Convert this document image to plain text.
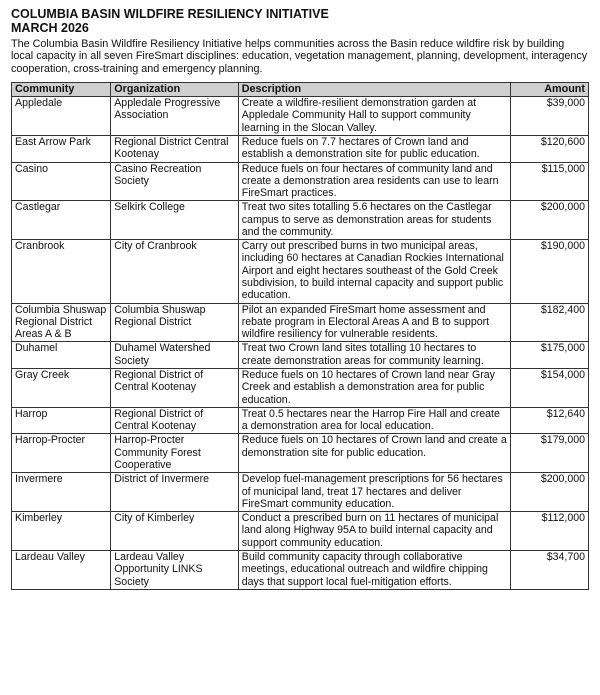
COLUMBIA BASIN WILDFIRE RESILIENCY INITIATIVE
MARCH 2026

The Columbia Basin Wildfire Resiliency Initiative helps communities across the Basin reduce wildfire risk by building local capacity in all seven FireSmart disciplines: education, vegetation management, planning, development, interagency cooperation, cross-training and emergency planning.

Community	Organization	Description	Amount
Appledale	Appledale Progressive Association	Create a wildfire-resilient demonstration garden at Appledale Community Hall to support community learning in the Slocan Valley.	$39,000
East Arrow Park	Regional District Central Kootenay	Reduce fuels on 7.7 hectares of Crown land and establish a demonstration site for public education.	$120,600
Casino	Casino Recreation Society	Reduce fuels on four hectares of community land and create a demonstration area residents can use to learn FireSmart practices.	$115,000
Castlegar	Selkirk College	Treat two sites totalling 5.6 hectares on the Castlegar campus to serve as demonstration areas for students and the community.	$200,000
Cranbrook	City of Cranbrook	Carry out prescribed burns in two municipal areas, including 60 hectares at Canadian Rockies International Airport and eight hectares southeast of the Gold Creek subdivision, to build internal capacity and support public education.	$190,000
Columbia Shuswap Regional District Areas A & B	Columbia Shuswap Regional District	Pilot an expanded FireSmart home assessment and rebate program in Electoral Areas A and B to support wildfire resiliency for vulnerable residents.	$182,400
Duhamel	Duhamel Watershed Society	Treat two Crown land sites totalling 10 hectares to create demonstration areas for community learning.	$175,000
Gray Creek	Regional District of Central Kootenay	Reduce fuels on 10 hectares of Crown land near Gray Creek and establish a demonstration area for public education.	$154,000
Harrop	Regional District of Central Kootenay	Treat 0.5 hectares near the Harrop Fire Hall and create a demonstration area for local education.	$12,640
Harrop-Procter	Harrop-Procter Community Forest Cooperative	Reduce fuels on 10 hectares of Crown land and create a demonstration site for public education.	$179,000
Invermere	District of Invermere	Develop fuel-management prescriptions for 56 hectares of municipal land, treat 17 hectares and deliver FireSmart community education.	$200,000
Kimberley	City of Kimberley	Conduct a prescribed burn on 11 hectares of municipal land along Highway 95A to build internal capacity and support community education.	$112,000
Lardeau Valley	Lardeau Valley Opportunity LINKS Society	Build community capacity through collaborative meetings, educational outreach and wildfire chipping days that support local fuel-mitigation efforts.	$34,700
